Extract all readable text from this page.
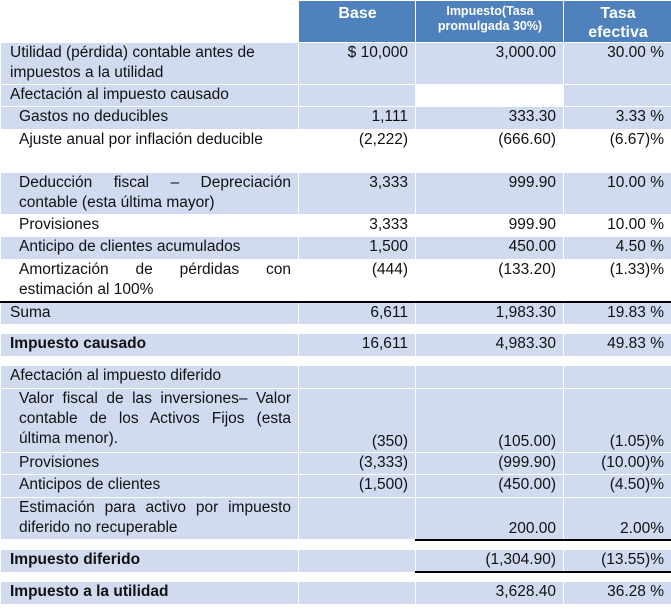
	Base	Impuesto(Tasa promulgada 30%)	Tasa efectiva
Utilidad (pérdida) contable antes de impuestos a la utilidad	$ 10,000	3,000.00	30.00 %
Afectación al impuesto causado			
Gastos no deducibles	1,111	333.30	3.33 %
Ajuste anual por inflación deducible	(2,222)	(666.60)	(6.67)%
Deducción fiscal – Depreciación contable (esta última mayor)	3,333	999.90	10.00 %
Provisiones	3,333	999.90	10.00 %
Anticipo de clientes acumulados	1,500	450.00	4.50 %
Amortización de pérdidas con estimación al 100%	(444)	(133.20)	(1.33)%
Suma	6,611	1,983.30	19.83 %

Impuesto causado	16,611	4,983.30	49.83 %

Afectación al impuesto diferido			
Valor fiscal de las inversiones– Valor contable de los Activos Fijos (esta última menor).	(350)	(105.00)	(1.05)%
Provisiones	(3,333)	(999.90)	(10.00)%
Anticipos de clientes	(1,500)	(450.00)	(4.50)%
Estimación para activo por impuesto diferido no recuperable		200.00	2.00%

Impuesto diferido		(1,304.90)	(13.55)%

Impuesto a la utilidad		3,628.40	36.28 %
